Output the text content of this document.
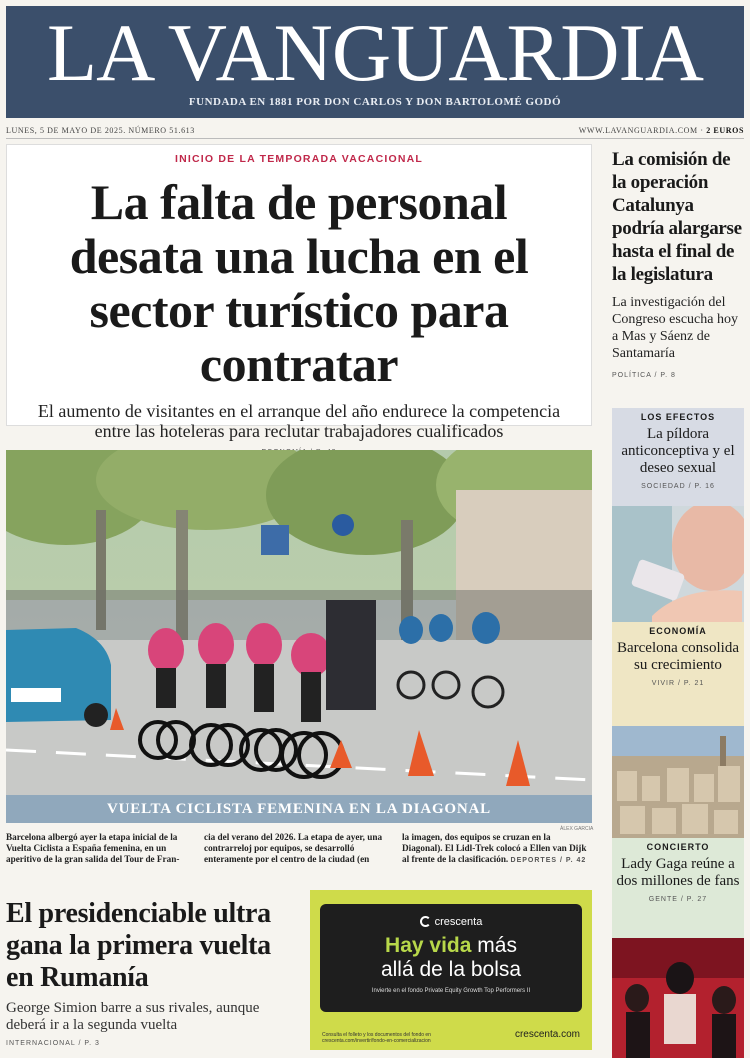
LA VANGUARDIA
FUNDADA EN 1881 POR DON CARLOS Y DON BARTOLOMÉ GODÓ
LUNES, 5 DE MAYO DE 2025. NÚMERO 51.613	WWW.LAVANGUARDIA.COM · 2 EUROS
INICIO DE LA TEMPORADA VACACIONAL
La falta de personal desata una lucha en el sector turístico para contratar

El aumento de visitantes en el arranque del año endurece la competencia entre las hoteleras para reclutar trabajadores cualificados

La comisión de la operación Catalunya podría alargarse hasta el final de la legislatura

La investigación del Congreso escucha hoy a Mas y Sáenz de Santamaría

POLÍTICA / P. 8
VUELTA CICLISTA FEMENINA EN LA DIAGONAL
ÀLEX GARCIA
Barcelona albergó ayer la etapa inicial de la Vuelta Ciclista a España femenina, en un aperitivo de la gran salida del Tour de Fran-
cia del verano del 2026. La etapa de ayer, una contrarreloj por equipos, se desarrolló enteramente por el centro de la ciudad (en
la imagen, dos equipos se cruzan en la Diagonal). El Lidl-Trek colocó a Ellen van Dijk al frente de la clasificación. DEPORTES / P. 42
El presidenciable ultra gana la primera vuelta en Rumanía

George Simion barre a sus rivales, aunque deberá ir a la segunda vuelta

INTERNACIONAL / P. 3
crescenta
Hay vida más
allá de la bolsa
Invierte en el fondo Private Equity Growth Top Performers II
Consulta el folleto y los documentos del fondo en crescenta.com/invertir/fondo-en-comercializacion
crescenta.com
LOS EFECTOS
La píldora anticonceptiva y el deseo sexual
SOCIEDAD / P. 16
ECONOMÍA
Barcelona consolida su crecimiento
VIVIR / P. 21
CONCIERTO
Lady Gaga reúne a dos millones de fans
GENTE / P. 27
